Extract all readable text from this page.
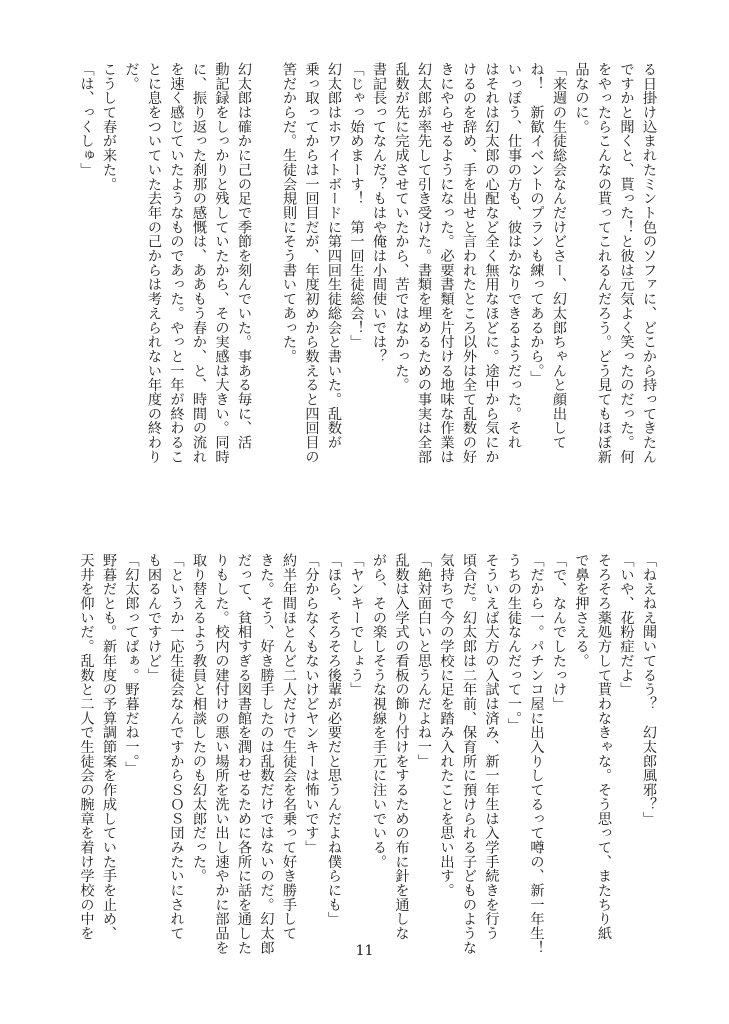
る日掛け込まれたミント色のソファに、どこから持ってきたん

ですかと聞くと、貰った！と彼は元気よく笑ったのだった。何

をやったらこんなの貰ってこれるんだろう。どう見てもほぼ新

品なのに。

「来週の生徒総会なんだけどさー、幻太郎ちゃんと顔出して

ね！　新歓イベントのプランも練ってあるから。」

いっぽう、仕事の方も、彼はかなりできるようだった。それ

はそれは幻太郎の心配など全く無用なほどに。途中から気にか

けるのを辞め、手を出せと言われたところ以外は全て乱数の好

きにやらせるようになった。必要書類を片付ける地味な作業は

幻太郎が率先して引き受けた。書類を埋めるための事実は全部

乱数が先に完成させていたから、苦ではなかった。

書記長ってなんだ？もはや俺は小間使いでは？

「じゃっ始めまーす！　第一回生徒総会！」

幻太郎はホワイトボードに第四回生徒総会と書いた。乱数が

乗っ取ってからは一回目だが、年度初めから数えると四回目の

筈だからだ。生徒会規則にそう書いてあった。

幻太郎は確かに己の足で季節を刻んでいた。事ある毎に、活

動記録をしっかりと残していたから、その実感は大きい。同時

に、振り返った刹那の感慨は、ああもう春か、と、時間の流れ

を速く感じていたようなものであった。やっと一年が終わるこ

とに息をついていた去年の己からは考えられない年度の終わり

だ。

こうして春が来た。

「は、っくしゅ」

「ねえねえ聞いてるう？　幻太郎風邪？」

「いや、花粉症だよ」

そろそろ薬処方して貰わなきゃな。そう思って、またちり紙

で鼻を押さえる。

「で、なんでしたっけ」

「だから一。パチンコ屋に出入りしてるって噂の、新一年生！

うちの生徒なんだって一。」

そういえば大方の入試は済み、新一年生は入学手続きを行う

頃合だ。幻太郎は二年前、保育所に預けられる子どものような

気持ちで今の学校に足を踏み入れたことを思い出す。

「絶対面白いと思うんだよね一」

乱数は入学式の看板の飾り付けをするための布に針を通しな

がら、その楽しそうな視線を手元に注いでいる。

「ヤンキーでしょう」

「ほら、そろそろ後輩が必要だと思うんだよね僕らにも」

「分からなくもないけどヤンキーは怖いです」

約半年間ほとんど二人だけで生徒会を名乗って好き勝手して

きた。そう、好き勝手したのは乱数だけではないのだ。幻太郎

だって、貧相すぎる図書館を潤わせるために各所に話を通した

りもした。校内の建付けの悪い場所を洗い出し速やかに部品を

取り替えるよう教員と相談したのも幻太郎だった。

「というか一応生徒会なんですからＳＯＳ団みたいにされて

も困るんですけど」

「幻太郎ってばぁ。野暮だね一。」

野暮だとも。新年度の予算調節案を作成していた手を止め、

天井を仰いだ。乱数と二人で生徒会の腕章を着け学校の中を

11
